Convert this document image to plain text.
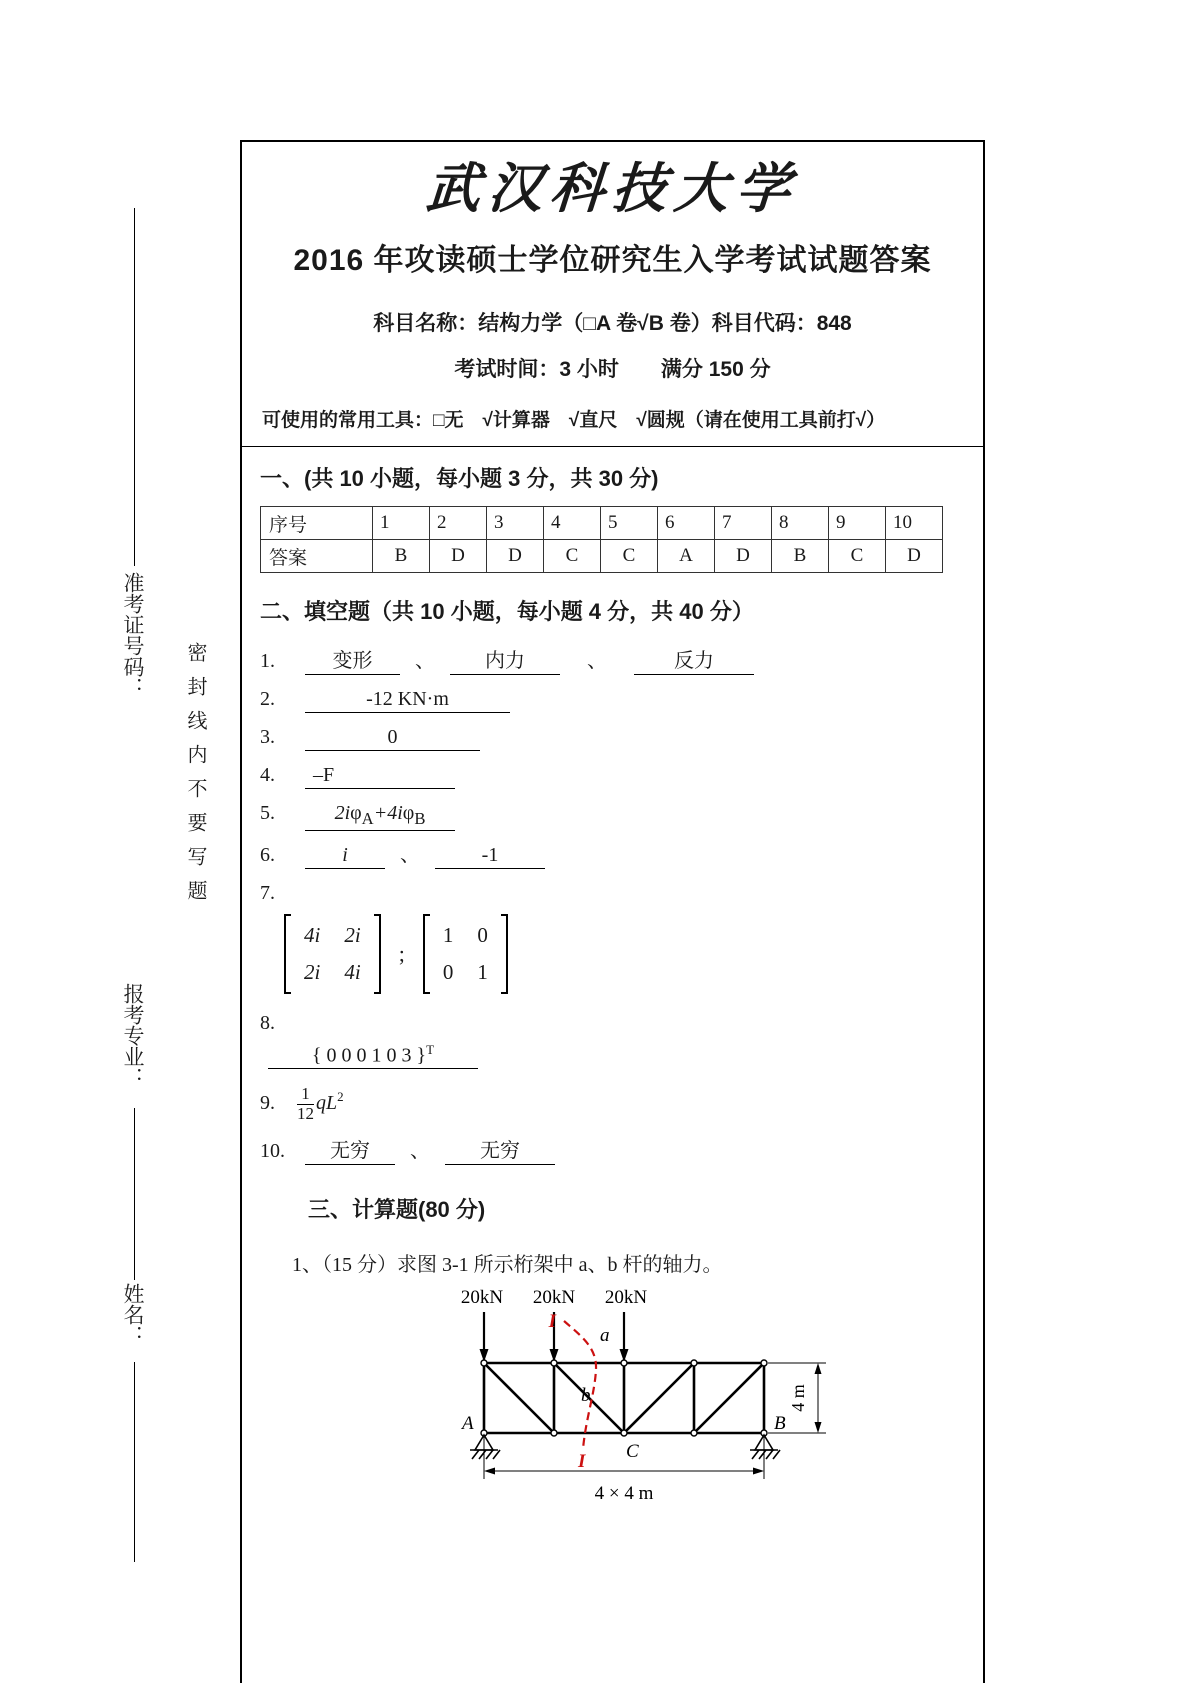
准考证号码：
密封线内不要写题
报考专业：
姓名：
武汉科技大学
2016 年攻读硕士学位研究生入学考试试题答案
科目名称：结构力学（□A 卷√B 卷）科目代码：848
考试时间：3 小时　　满分 150 分
可使用的常用工具：□无　√计算器　√直尺　√圆规（请在使用工具前打√）
一、(共 10 小题，每小题 3 分，共 30 分)
序号	1	2	3	4	5	6	7	8	9	10
答案	B	D	D	C	C	A	D	B	C	D
二、填空题（共 10 小题，每小题 4 分，共 40 分）
1.	变形 、	内力	、	反力
2.	-12 KN·m
3.	0
4. –F
5.	$2i\varphi_A+4i\varphi_B$
6.	i	、	-1
7.
4i 2i
2i 4i
;
1 0
0 1
8.
{ 0 0 0 1 0 3 }$^T$
9. $\frac{1}{12} qL^2$
10. 无穷 、	无穷
三、计算题(80 分)
1、（15 分）求图 3-1 所示桁架中 a、b 杆的轴力。
20kN 20kN 20kN
I
I
a
b
A	B
C
4 m
4 × 4 m
